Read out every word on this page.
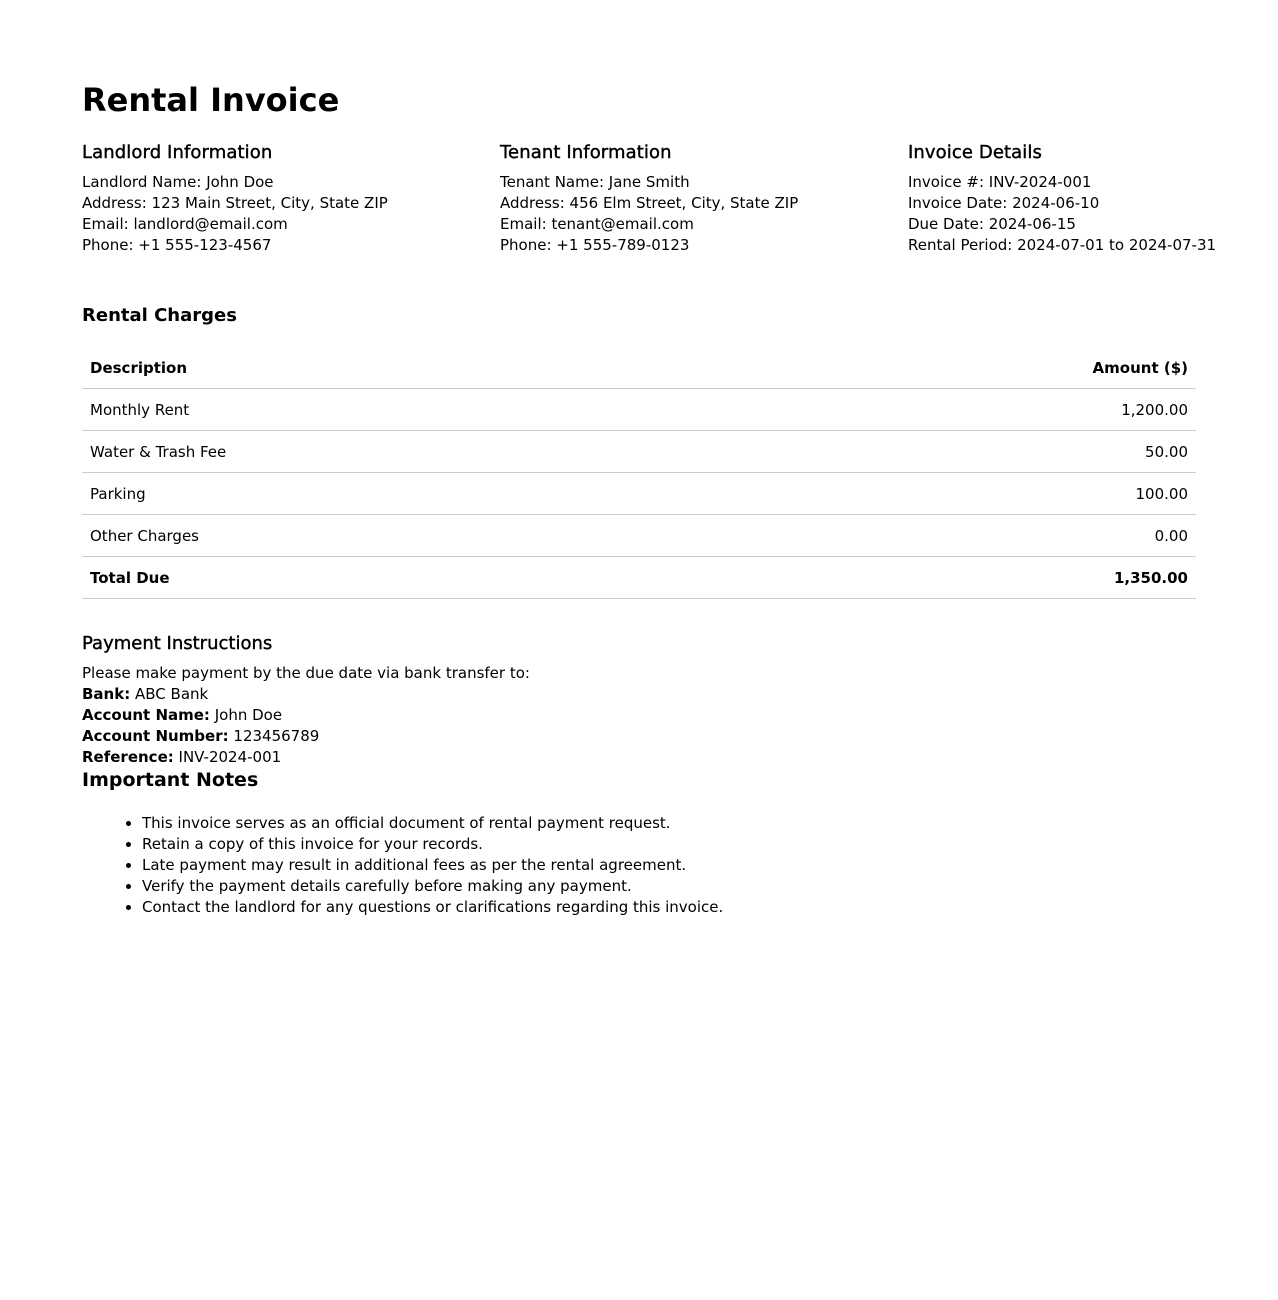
Rental Invoice
Landlord Information
Landlord Name: John Doe
Address: 123 Main Street, City, State ZIP
Email: landlord@email.com
Phone: +1 555-123-4567
Tenant Information
Tenant Name: Jane Smith
Address: 456 Elm Street, City, State ZIP
Email: tenant@email.com
Phone: +1 555-789-0123
Invoice Details
Invoice #: INV-2024-001
Invoice Date: 2024-06-10
Due Date: 2024-06-15
Rental Period: 2024-07-01 to 2024-07-31
Rental Charges
Description	Amount ($)
Monthly Rent	1,200.00
Water & Trash Fee	50.00
Parking	100.00
Other Charges	0.00
Total Due	1,350.00
Payment Instructions
Please make payment by the due date via bank transfer to:
Bank: ABC Bank
Account Name: John Doe
Account Number: 123456789
Reference: INV-2024-001
Important Notes
• This invoice serves as an official document of rental payment request.
• Retain a copy of this invoice for your records.
• Late payment may result in additional fees as per the rental agreement.
• Verify the payment details carefully before making any payment.
• Contact the landlord for any questions or clarifications regarding this invoice.
